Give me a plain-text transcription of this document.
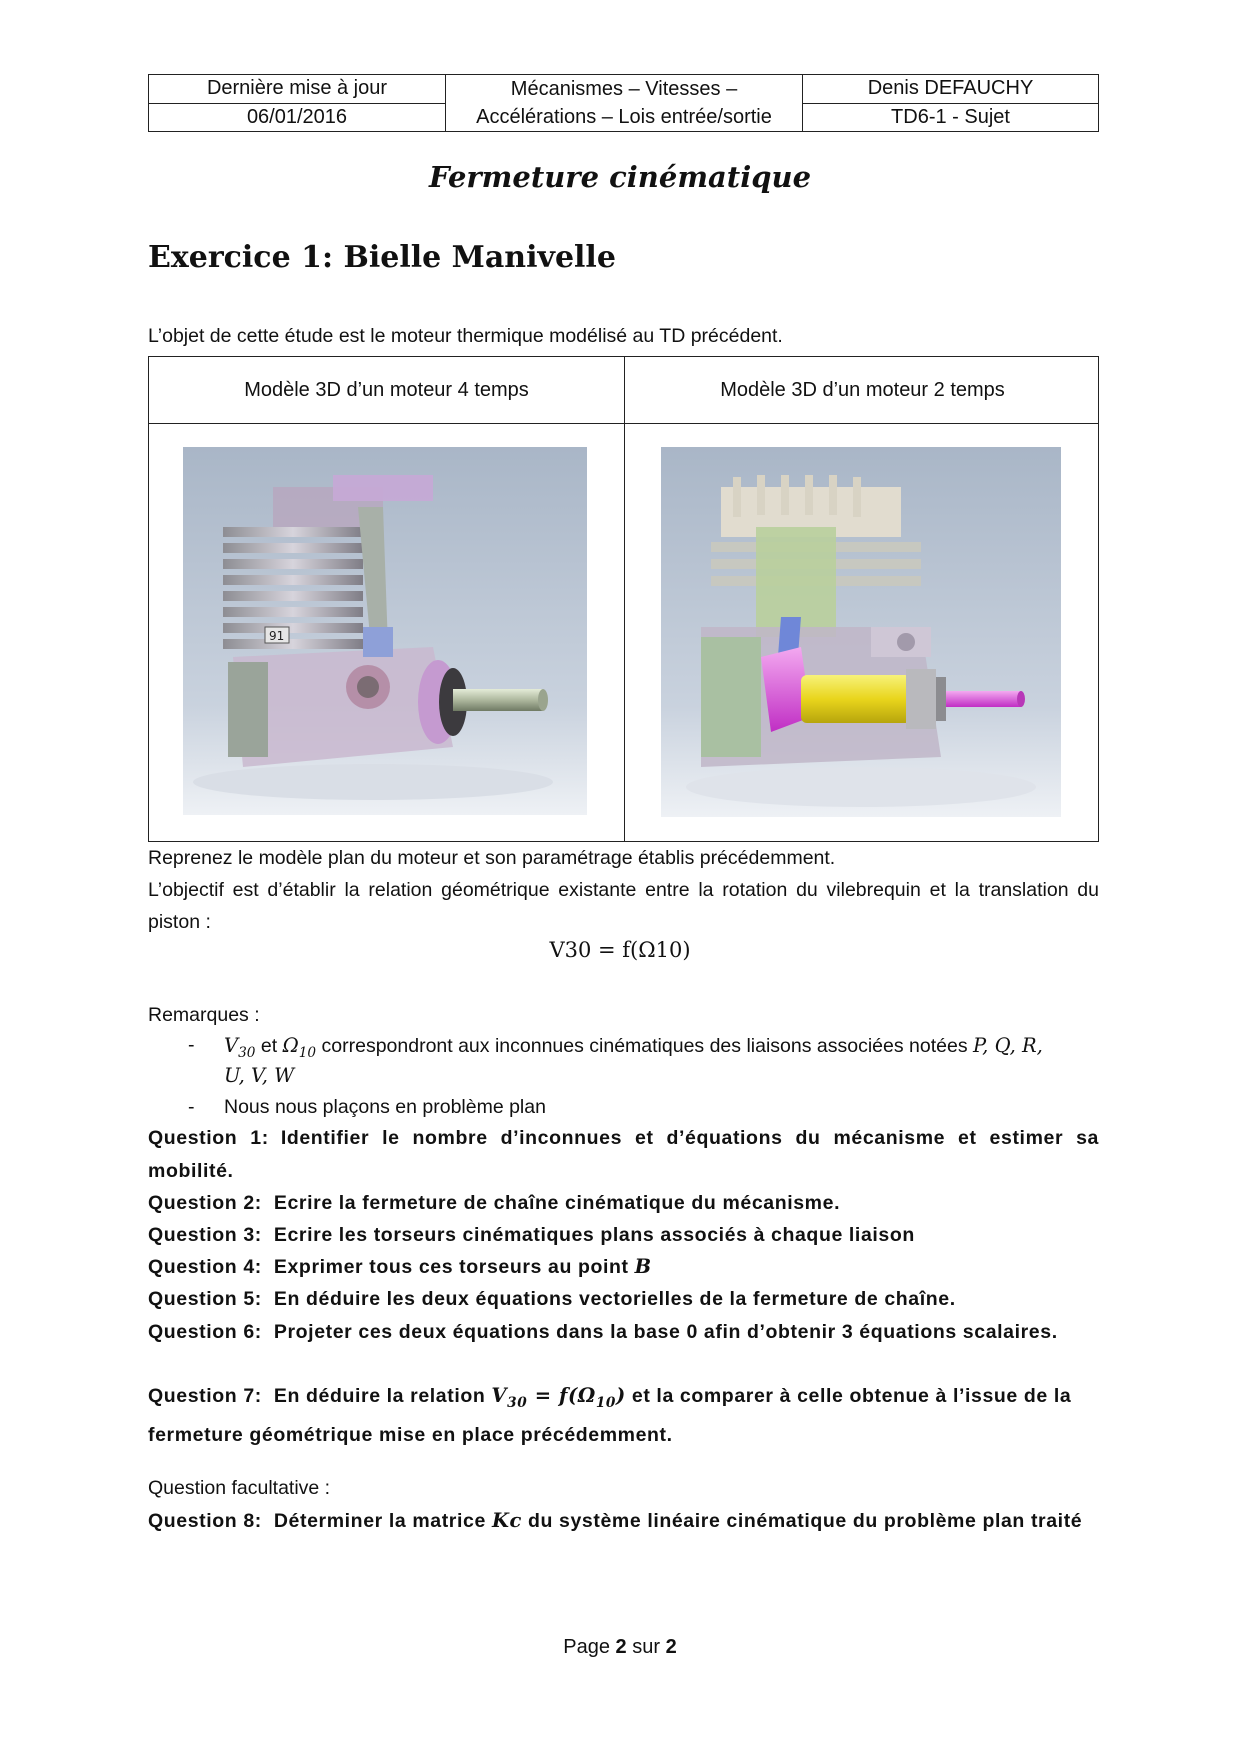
Dernière mise à jour
06/01/2016
Mécanismes – Vitesses –
Accélérations – Lois entrée/sortie
Denis DEFAUCHY
TD6-1 - Sujet
Fermeture cinématique
Exercice 1: Bielle Manivelle
L’objet de cette étude est le moteur thermique modélisé au TD précédent.
Modèle 3D d’un moteur 4 temps	Modèle 3D d’un moteur 2 temps
91
Reprenez le modèle plan du moteur et son paramétrage établis précédemment.
L’objectif est d’établir la relation géométrique existante entre la rotation du vilebrequin et la translation du piston :
V30 = f(Ω10)
Remarques :
- $V_{30}$ et $\Omega_{10}$ correspondront aux inconnues cinématiques des liaisons associées notées P, Q, R,
U, V, W
- Nous nous plaçons en problème plan
Question 1: Identifier le nombre d’inconnues et d’équations du mécanisme et estimer sa mobilité.
Question 2: Ecrire la fermeture de chaîne cinématique du mécanisme.
Question 3: Ecrire les torseurs cinématiques plans associés à chaque liaison
Question 4: Exprimer tous ces torseurs au point B
Question 5: En déduire les deux équations vectorielles de la fermeture de chaîne.
Question 6: Projeter ces deux équations dans la base 0 afin d’obtenir 3 équations scalaires.
Question 7: En déduire la relation $V_{30} = f(\Omega_{10})$ et la comparer à celle obtenue à l’issue de la fermeture géométrique mise en place précédemment.
Question facultative :
Question 8: Déterminer la matrice Kc du système linéaire cinématique du problème plan traité
Page 2 sur 2
